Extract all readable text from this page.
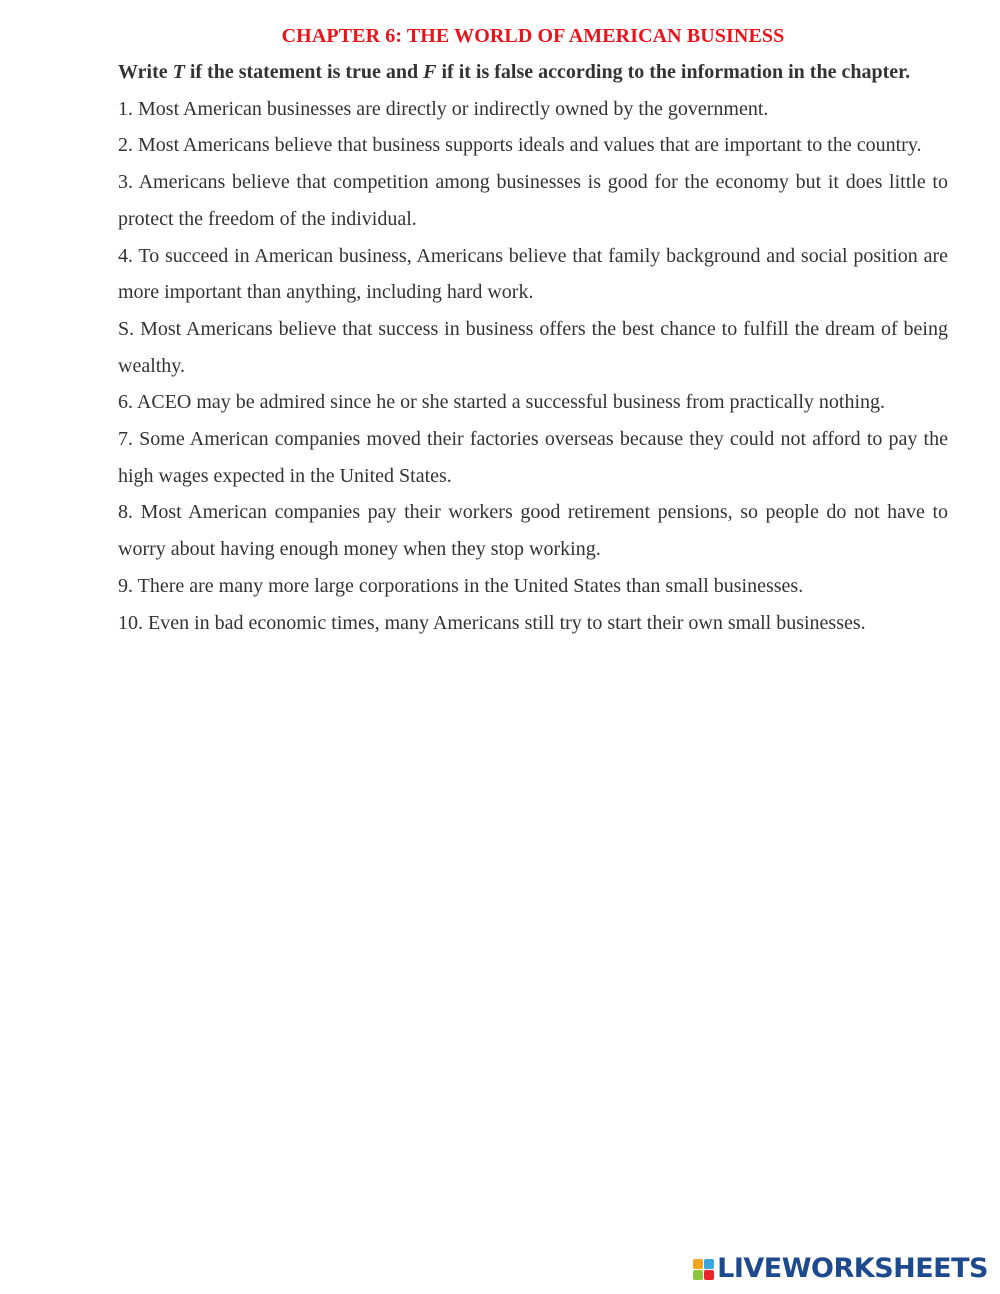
CHAPTER 6: THE WORLD OF AMERICAN BUSINESS

Write T if the statement is true and F if it is false according to the information in the chapter.

1. Most American businesses are directly or indirectly owned by the government.
2. Most Americans believe that business supports ideals and values that are important to the country.
3. Americans believe that competition among businesses is good for the economy but it does little to protect the freedom of the individual.
4. To succeed in American business, Americans believe that family background and social position are more important than anything, including hard work.
S. Most Americans believe that success in business offers the best chance to fulfill the dream of being wealthy.
6. ACEO may be admired since he or she started a successful business from practically nothing.
7. Some American companies moved their factories overseas because they could not afford to pay the high wages expected in the United States.
8. Most American companies pay their workers good retirement pensions, so people do not have to worry about having enough money when they stop working.
9. There are many more large corporations in the United States than small businesses.
10. Even in bad economic times, many Americans still try to start their own small businesses.
LIVEWORKSHEETS
